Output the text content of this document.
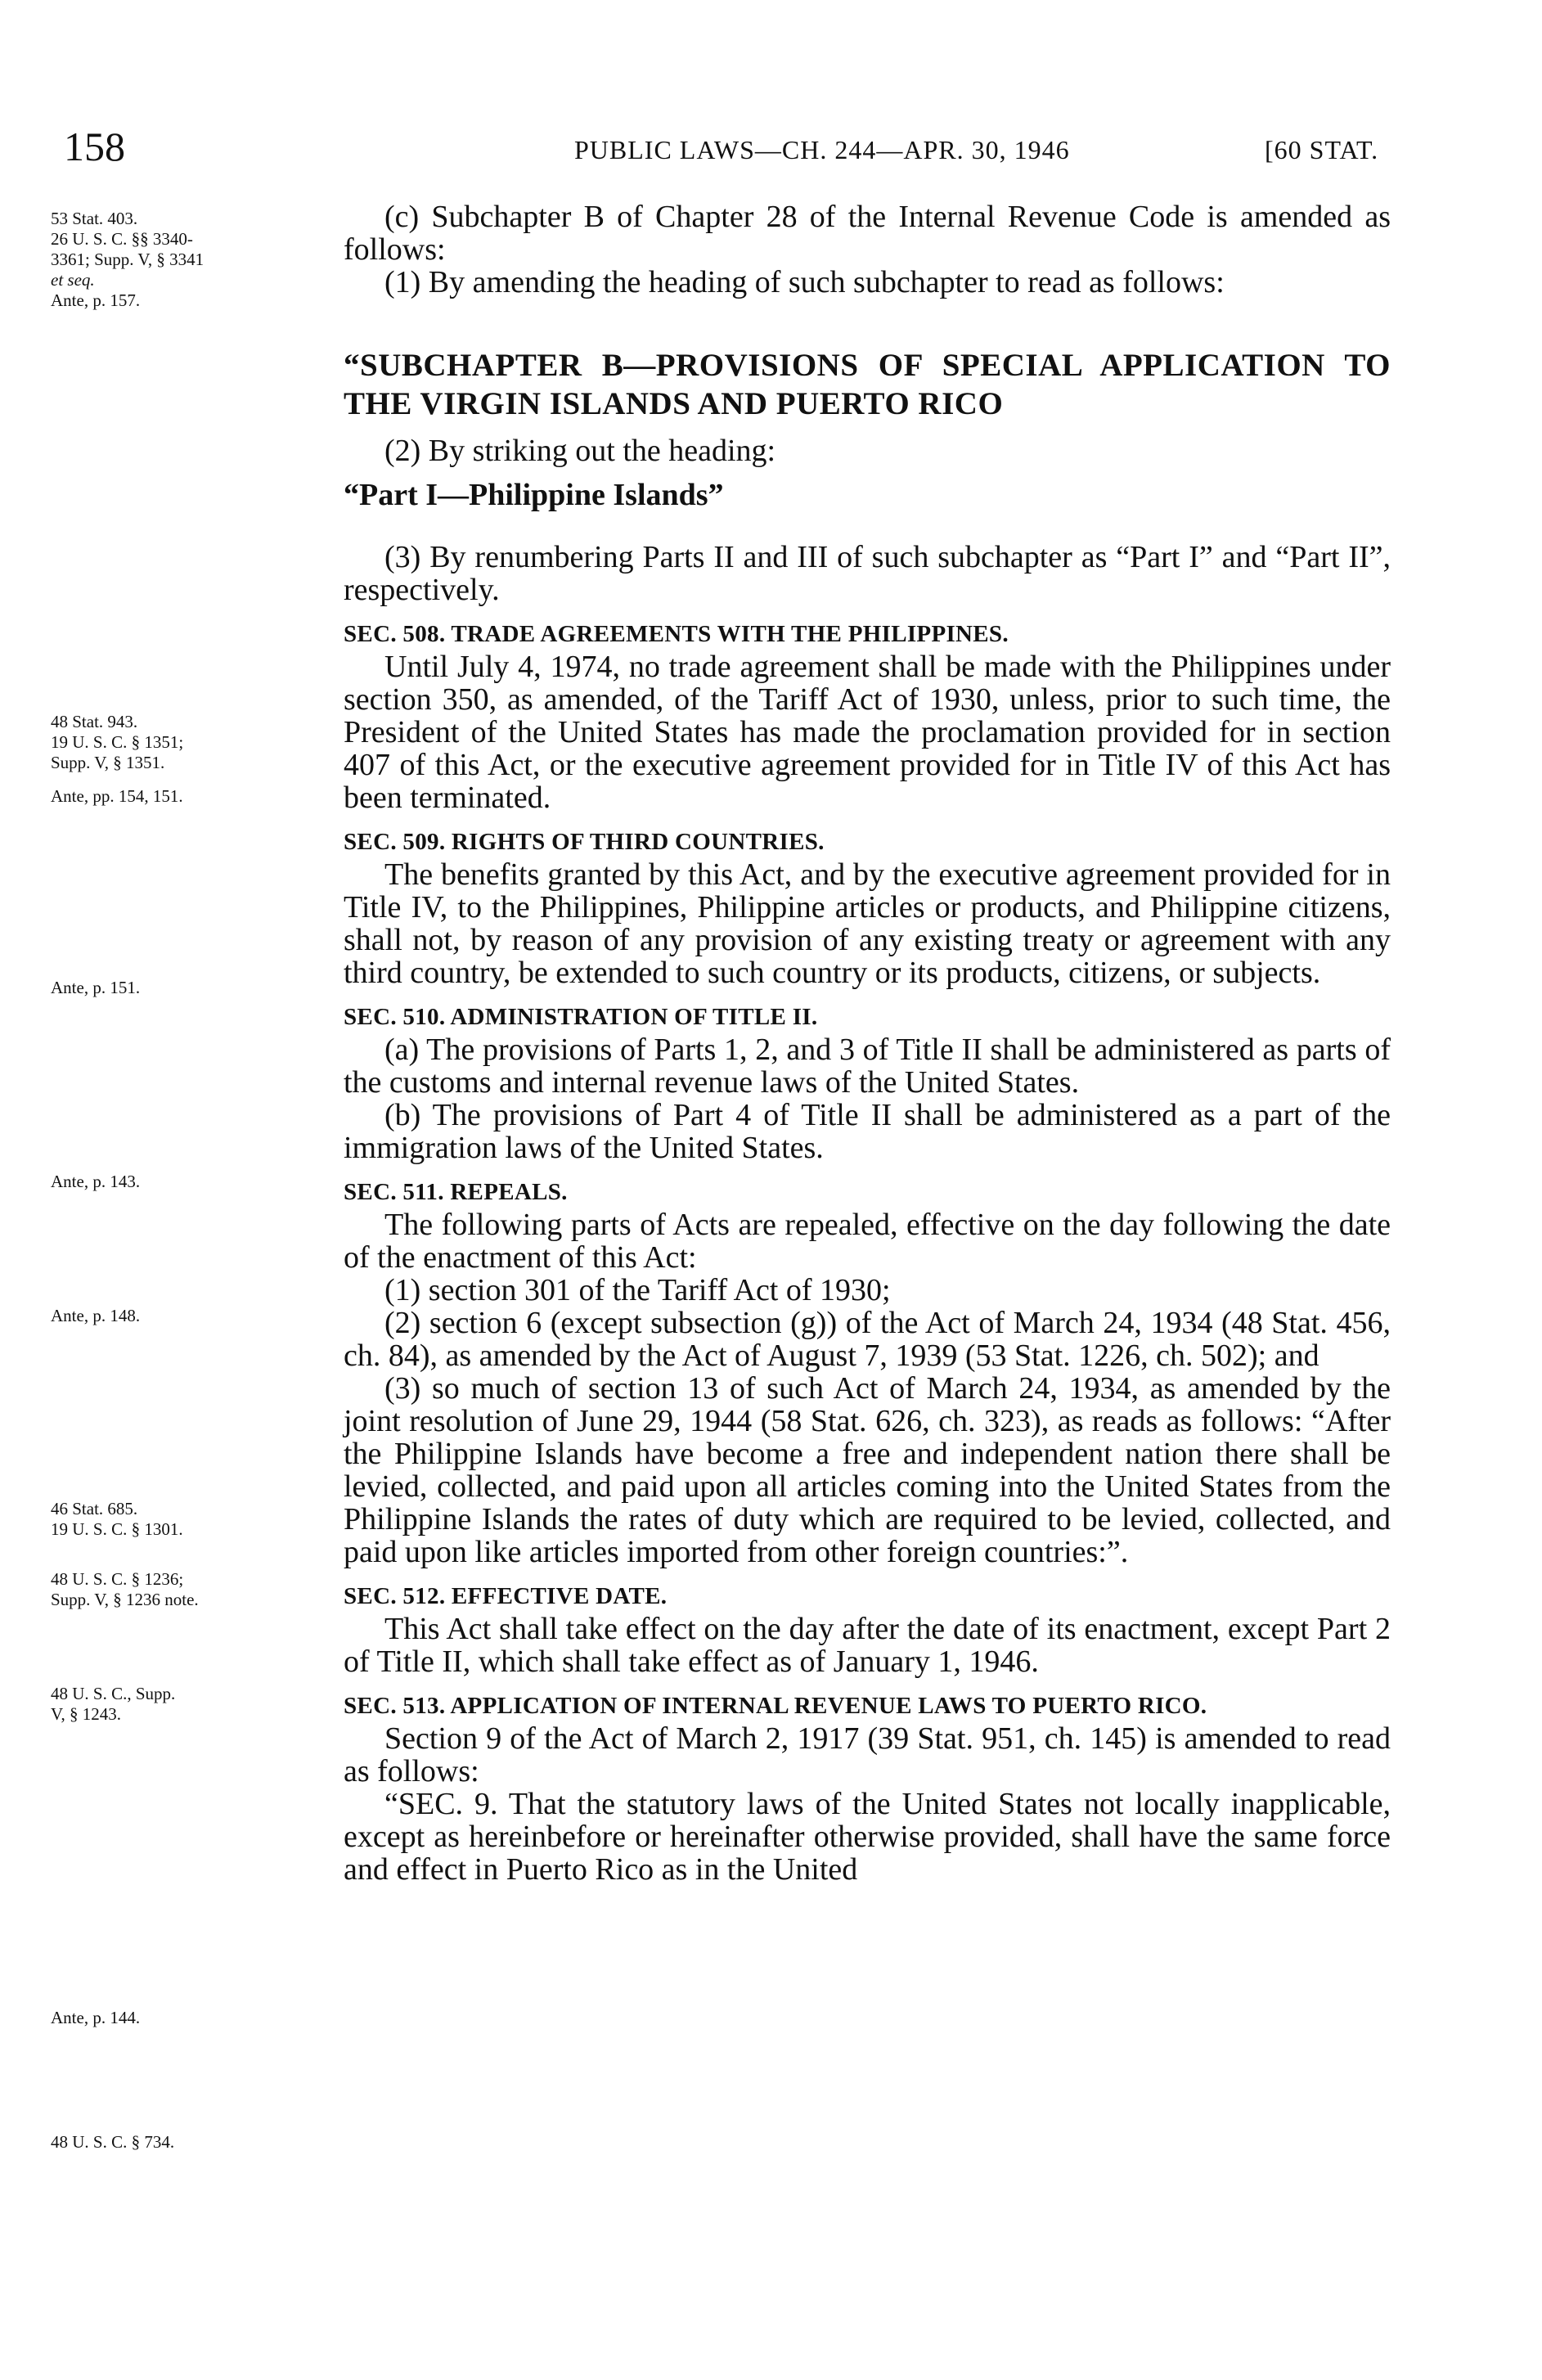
158	PUBLIC LAWS—CH. 244—APR. 30, 1946	[60 STAT.
53 Stat. 403.
26 U. S. C. §§ 3340-
3361; Supp. V, § 3341
et seq.
Ante, p. 157.
48 Stat. 943.
19 U. S. C. § 1351;
Supp. V, § 1351.
Ante, pp. 154, 151.
Ante, p. 151.
Ante, p. 143.
Ante, p. 148.
46 Stat. 685.
19 U. S. C. § 1301.
48 U. S. C. § 1236;
Supp. V, § 1236 note.
48 U. S. C., Supp.
V, § 1243.
Ante, p. 144.
48 U. S. C. § 734.

(c) Subchapter B of Chapter 28 of the Internal Revenue Code is amended as follows:

(1) By amending the heading of such subchapter to read as follows:

“SUBCHAPTER B—PROVISIONS OF SPECIAL APPLICATION TO THE VIRGIN ISLANDS AND PUERTO RICO

(2) By striking out the heading:

“Part I—Philippine Islands”

(3) By renumbering Parts II and III of such subchapter as “Part I” and “Part II”, respectively.

SEC. 508. TRADE AGREEMENTS WITH THE PHILIPPINES.

Until July 4, 1974, no trade agreement shall be made with the Philippines under section 350, as amended, of the Tariff Act of 1930, unless, prior to such time, the President of the United States has made the proclamation provided for in section 407 of this Act, or the executive agreement provided for in Title IV of this Act has been terminated.

SEC. 509. RIGHTS OF THIRD COUNTRIES.

The benefits granted by this Act, and by the executive agreement provided for in Title IV, to the Philippines, Philippine articles or products, and Philippine citizens, shall not, by reason of any provision of any existing treaty or agreement with any third country, be extended to such country or its products, citizens, or subjects.

SEC. 510. ADMINISTRATION OF TITLE II.

(a) The provisions of Parts 1, 2, and 3 of Title II shall be administered as parts of the customs and internal revenue laws of the United States.

(b) The provisions of Part 4 of Title II shall be administered as a part of the immigration laws of the United States.

SEC. 511. REPEALS.

The following parts of Acts are repealed, effective on the day following the date of the enactment of this Act:

(1) section 301 of the Tariff Act of 1930;

(2) section 6 (except subsection (g)) of the Act of March 24, 1934 (48 Stat. 456, ch. 84), as amended by the Act of August 7, 1939 (53 Stat. 1226, ch. 502); and

(3) so much of section 13 of such Act of March 24, 1934, as amended by the joint resolution of June 29, 1944 (58 Stat. 626, ch. 323), as reads as follows: “After the Philippine Islands have become a free and independent nation there shall be levied, collected, and paid upon all articles coming into the United States from the Philippine Islands the rates of duty which are required to be levied, collected, and paid upon like articles imported from other foreign countries:”.

SEC. 512. EFFECTIVE DATE.

This Act shall take effect on the day after the date of its enactment, except Part 2 of Title II, which shall take effect as of January 1, 1946.

SEC. 513. APPLICATION OF INTERNAL REVENUE LAWS TO PUERTO RICO.

Section 9 of the Act of March 2, 1917 (39 Stat. 951, ch. 145) is amended to read as follows:

“SEC. 9. That the statutory laws of the United States not locally inapplicable, except as hereinbefore or hereinafter otherwise provided, shall have the same force and effect in Puerto Rico as in the United
